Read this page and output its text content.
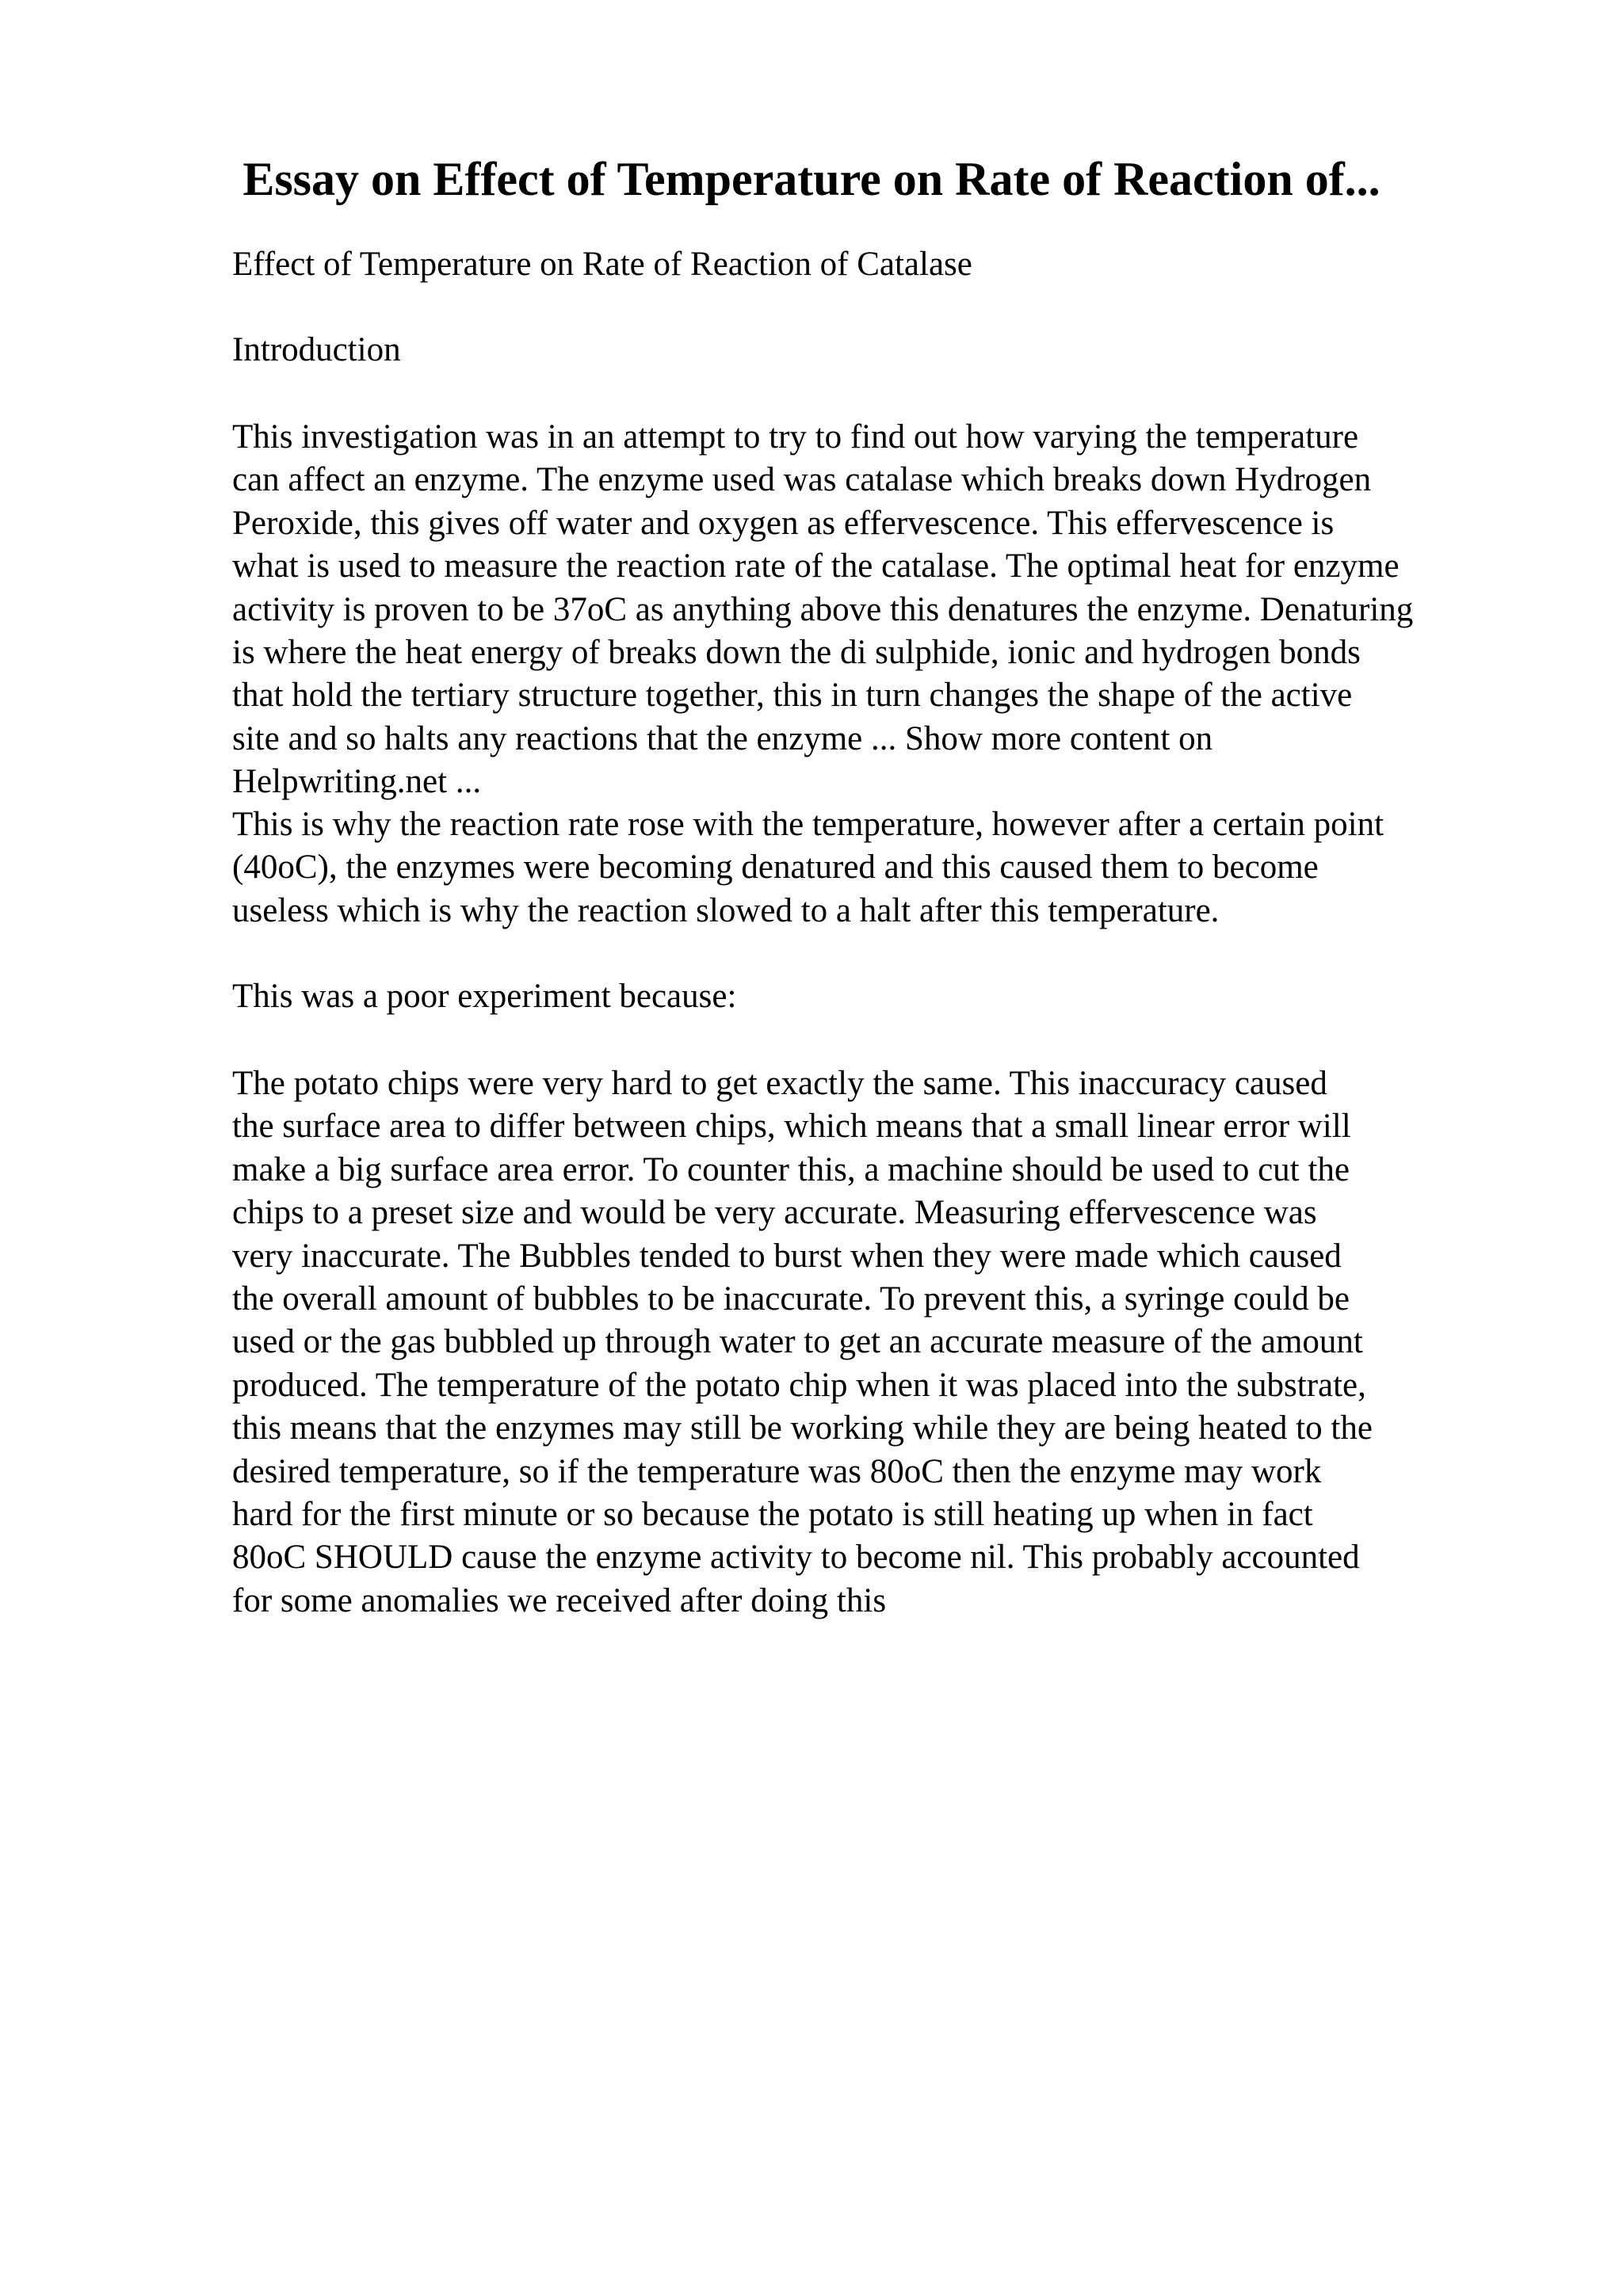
Essay on Effect of Temperature on Rate of Reaction of...

Effect of Temperature on Rate of Reaction of Catalase

Introduction

This investigation was in an attempt to try to find out how varying the temperature
can affect an enzyme. The enzyme used was catalase which breaks down Hydrogen
Peroxide, this gives off water and oxygen as effervescence. This effervescence is
what is used to measure the reaction rate of the catalase. The optimal heat for enzyme
activity is proven to be 37oC as anything above this denatures the enzyme. Denaturing
is where the heat energy of breaks down the di sulphide, ionic and hydrogen bonds
that hold the tertiary structure together, this in turn changes the shape of the active
site and so halts any reactions that the enzyme ... Show more content on
Helpwriting.net ...

This is why the reaction rate rose with the temperature, however after a certain point
(40oC), the enzymes were becoming denatured and this caused them to become
useless which is why the reaction slowed to a halt after this temperature.

This was a poor experiment because:

The potato chips were very hard to get exactly the same. This inaccuracy caused
the surface area to differ between chips, which means that a small linear error will
make a big surface area error. To counter this, a machine should be used to cut the
chips to a preset size and would be very accurate. Measuring effervescence was
very inaccurate. The Bubbles tended to burst when they were made which caused
the overall amount of bubbles to be inaccurate. To prevent this, a syringe could be
used or the gas bubbled up through water to get an accurate measure of the amount
produced. The temperature of the potato chip when it was placed into the substrate,
this means that the enzymes may still be working while they are being heated to the
desired temperature, so if the temperature was 80oC then the enzyme may work
hard for the first minute or so because the potato is still heating up when in fact
80oC SHOULD cause the enzyme activity to become nil. This probably accounted
for some anomalies we received after doing this
